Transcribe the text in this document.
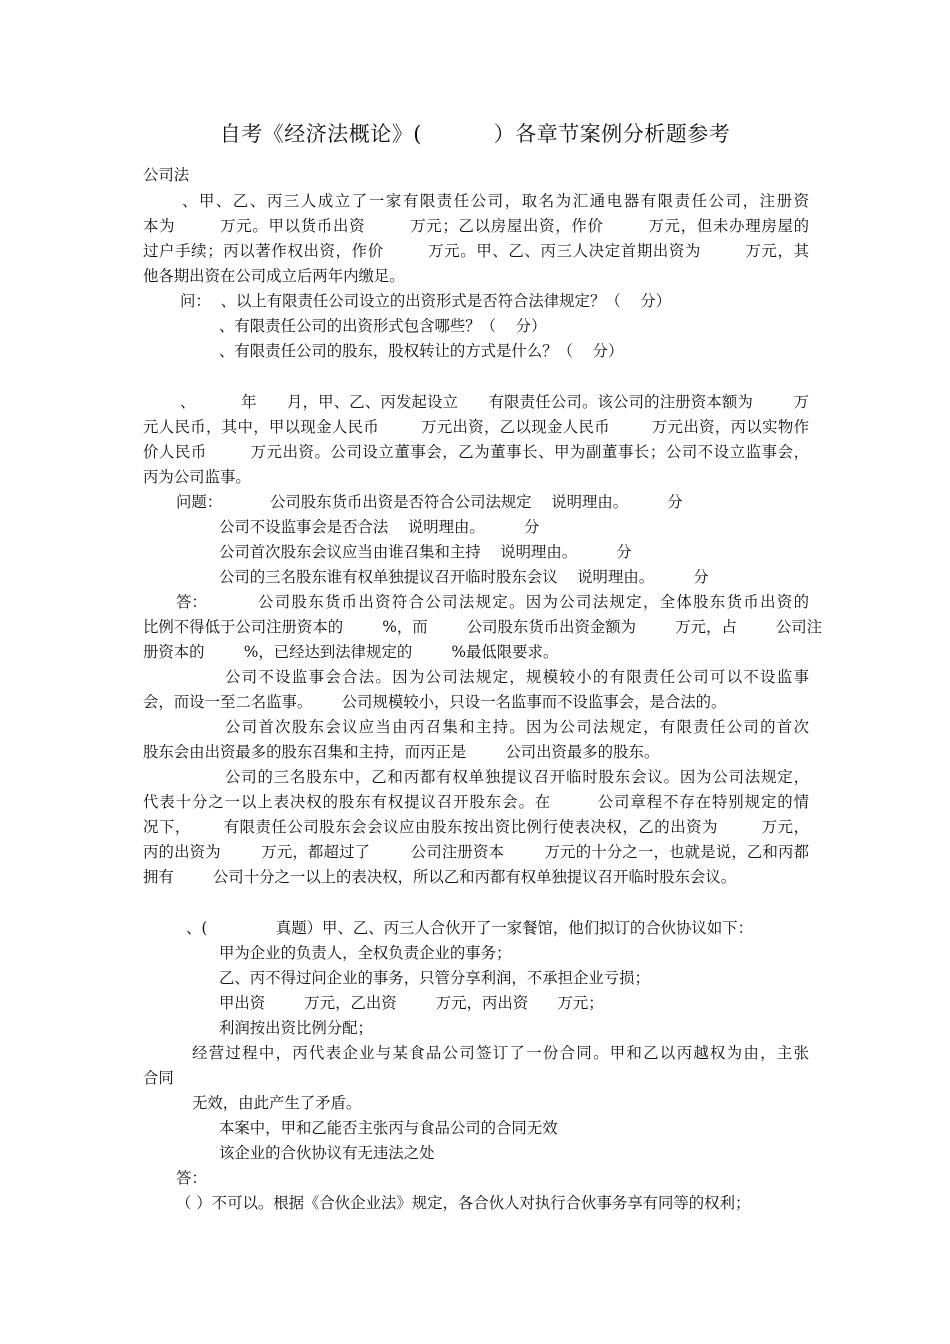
自考《经济法概论》(          ）各章节案例分析题参考
公司法
、甲、乙、丙三人成立了一家有限责任公司，取名为汇通电器有限责任公司，注册资
本为        万元。甲以货币出资        万元；乙以房屋出资，作价        万元，但未办理房屋的
过户手续；丙以著作权出资，作价        万元。甲、乙、丙三人决定首期出资为        万元，其
他各期出资在公司成立后两年内缴足。
问：  、以上有限责任公司设立的出资形式是否符合法律规定？（    分）
、有限责任公司的出资形式包含哪些？（    分）
、有限责任公司的股东，股权转让的方式是什么？（    分）
、         年      月，甲、乙、丙发起设立      有限责任公司。该公司的注册资本额为        万
元人民币，其中，甲以现金人民币        万元出资，乙以现金人民币        万元出资，丙以实物作
价人民币        万元出资。公司设立董事会，乙为董事长、甲为副董事长；公司不设立监事会，
丙为公司监事。
问题：	公司股东货币出资是否符合公司法规定    说明理由。        分
公司不设监事会是否合法    说明理由。        分
公司首次股东会议应当由谁召集和主持    说明理由。        分
公司的三名股东谁有权单独提议召开临时股东会议    说明理由。        分
答：	公司股东货币出资符合公司法规定。因为公司法规定，全体股东货币出资的
比例不得低于公司注册资本的        %，而        公司股东货币出资金额为        万元，占        公司注
册资本的        %，已经达到法律规定的        %最低限要求。
公司不设监事会合法。因为公司法规定，规模较小的有限责任公司可以不设监事
会，而设一至二名监事。      公司规模较小，只设一名监事而不设监事会，是合法的。
公司首次股东会议应当由丙召集和主持。因为公司法规定，有限责任公司的首次
股东会由出资最多的股东召集和主持，而丙正是        公司出资最多的股东。
公司的三名股东中，乙和丙都有权单独提议召开临时股东会议。因为公司法规定，
代表十分之一以上表决权的股东有权提议召开股东会。在        公司章程不存在特别规定的情
况下，      有限责任公司股东会会议应由股东按出资比例行使表决权，乙的出资为        万元，
丙的出资为        万元，都超过了        公司注册资本        万元的十分之一，也就是说，乙和丙都
拥有        公司十分之一以上的表决权，所以乙和丙都有权单独提议召开临时股东会议。
、(              真题）甲、乙、丙三人合伙开了一家餐馆，他们拟订的合伙协议如下：
甲为企业的负责人，全权负责企业的事务；
乙、丙不得过问企业的事务，只管分享利润，不承担企业亏损；
甲出资        万元，乙出资        万元，丙出资      万元；
利润按出资比例分配；
经营过程中，丙代表企业与某食品公司签订了一份合同。甲和乙以丙越权为由，主张
合同
无效，由此产生了矛盾。
本案中，甲和乙能否主张丙与食品公司的合同无效
该企业的合伙协议有无违法之处
答：
（ ）不可以。根据《合伙企业法》规定，各合伙人对执行合伙事务享有同等的权利；
